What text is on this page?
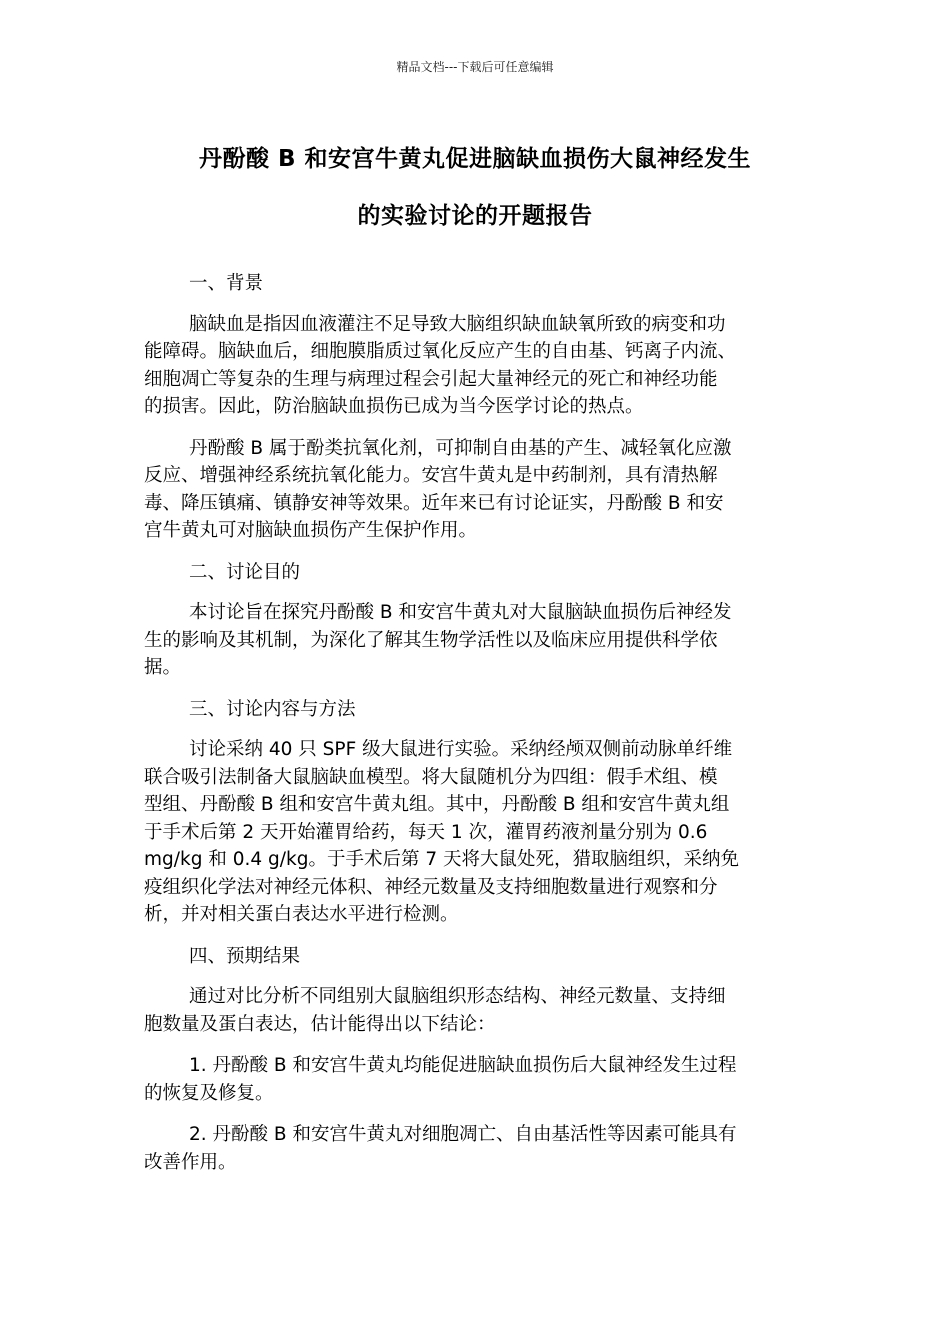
精品文档---下载后可任意编辑
丹酚酸 B 和安宫牛黄丸促进脑缺血损伤大鼠神经发生
的实验讨论的开题报告
一、背景
脑缺血是指因血液灌注不足导致大脑组织缺血缺氧所致的病变和功
能障碍。脑缺血后，细胞膜脂质过氧化反应产生的自由基、钙离子内流、
细胞凋亡等复杂的生理与病理过程会引起大量神经元的死亡和神经功能
的损害。因此，防治脑缺血损伤已成为当今医学讨论的热点。
丹酚酸 B 属于酚类抗氧化剂，可抑制自由基的产生、减轻氧化应激
反应、增强神经系统抗氧化能力。安宫牛黄丸是中药制剂，具有清热解
毒、降压镇痛、镇静安神等效果。近年来已有讨论证实，丹酚酸 B 和安
宫牛黄丸可对脑缺血损伤产生保护作用。
二、讨论目的
本讨论旨在探究丹酚酸 B 和安宫牛黄丸对大鼠脑缺血损伤后神经发
生的影响及其机制，为深化了解其生物学活性以及临床应用提供科学依
据。
三、讨论内容与方法
讨论采纳 40 只 SPF 级大鼠进行实验。采纳经颅双侧前动脉单纤维
联合吸引法制备大鼠脑缺血模型。将大鼠随机分为四组：假手术组、模
型组、丹酚酸 B 组和安宫牛黄丸组。其中，丹酚酸 B 组和安宫牛黄丸组
于手术后第 2 天开始灌胃给药，每天 1 次，灌胃药液剂量分别为 0.6
mg/kg 和 0.4 g/kg。于手术后第 7 天将大鼠处死，猎取脑组织，采纳免
疫组织化学法对神经元体积、神经元数量及支持细胞数量进行观察和分
析，并对相关蛋白表达水平进行检测。
四、预期结果
通过对比分析不同组别大鼠脑组织形态结构、神经元数量、支持细
胞数量及蛋白表达，估计能得出以下结论：
1. 丹酚酸 B 和安宫牛黄丸均能促进脑缺血损伤后大鼠神经发生过程
的恢复及修复。
2. 丹酚酸 B 和安宫牛黄丸对细胞凋亡、自由基活性等因素可能具有
改善作用。
